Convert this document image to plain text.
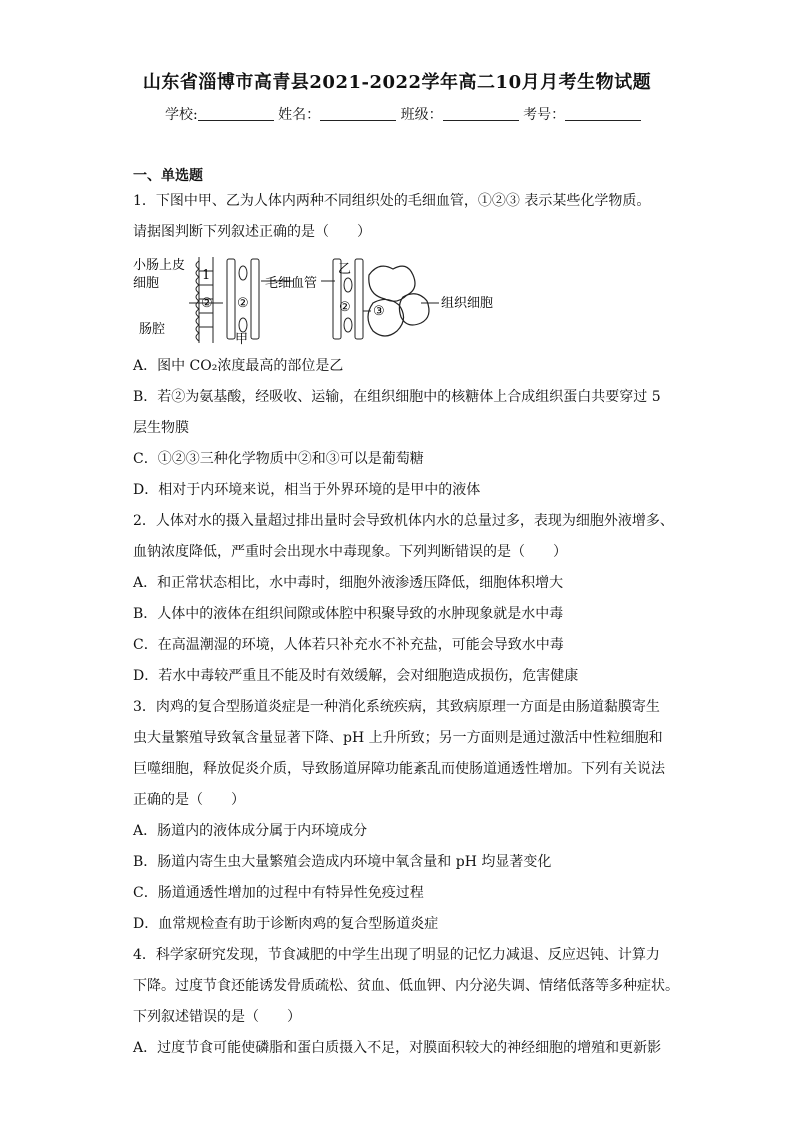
山东省淄博市高青县2021-2022学年高二10月月考生物试题
学校:	姓名：	班级：	考号：
一、单选题
1．下图中甲、乙为人体内两种不同组织处的毛细血管，①②③ 表示某些化学物质。
请据图判断下列叙述正确的是（　　）
小肠上皮
细胞
肠腔
1
② ②
甲
毛细血管
乙
② ③
组织细胞
A．图中 CO₂浓度最高的部位是乙
B．若②为氨基酸，经吸收、运输，在组织细胞中的核糖体上合成组织蛋白共要穿过 5
层生物膜
C．①②③三种化学物质中②和③可以是葡萄糖
D．相对于内环境来说，相当于外界环境的是甲中的液体
2．人体对水的摄入量超过排出量时会导致机体内水的总量过多，表现为细胞外液增多、
血钠浓度降低，严重时会出现水中毒现象。下列判断错误的是（　　）
A．和正常状态相比，水中毒时，细胞外液渗透压降低，细胞体积增大
B．人体中的液体在组织间隙或体腔中积聚导致的水肿现象就是水中毒
C．在高温潮湿的环境，人体若只补充水不补充盐，可能会导致水中毒
D．若水中毒较严重且不能及时有效缓解，会对细胞造成损伤，危害健康
3．肉鸡的复合型肠道炎症是一种消化系统疾病，其致病原理一方面是由肠道黏膜寄生
虫大量繁殖导致氧含量显著下降、pH 上升所致；另一方面则是通过激活中性粒细胞和
巨噬细胞，释放促炎介质，导致肠道屏障功能紊乱而使肠道通透性增加。下列有关说法
正确的是（　　）
A．肠道内的液体成分属于内环境成分
B．肠道内寄生虫大量繁殖会造成内环境中氧含量和 pH 均显著变化
C．肠道通透性增加的过程中有特异性免疫过程
D．血常规检查有助于诊断肉鸡的复合型肠道炎症
4．科学家研究发现，节食减肥的中学生出现了明显的记忆力减退、反应迟钝、计算力
下降。过度节食还能诱发骨质疏松、贫血、低血钾、内分泌失调、情绪低落等多种症状。
下列叙述错误的是（　　）
A．过度节食可能使磷脂和蛋白质摄入不足，对膜面积较大的神经细胞的增殖和更新影
